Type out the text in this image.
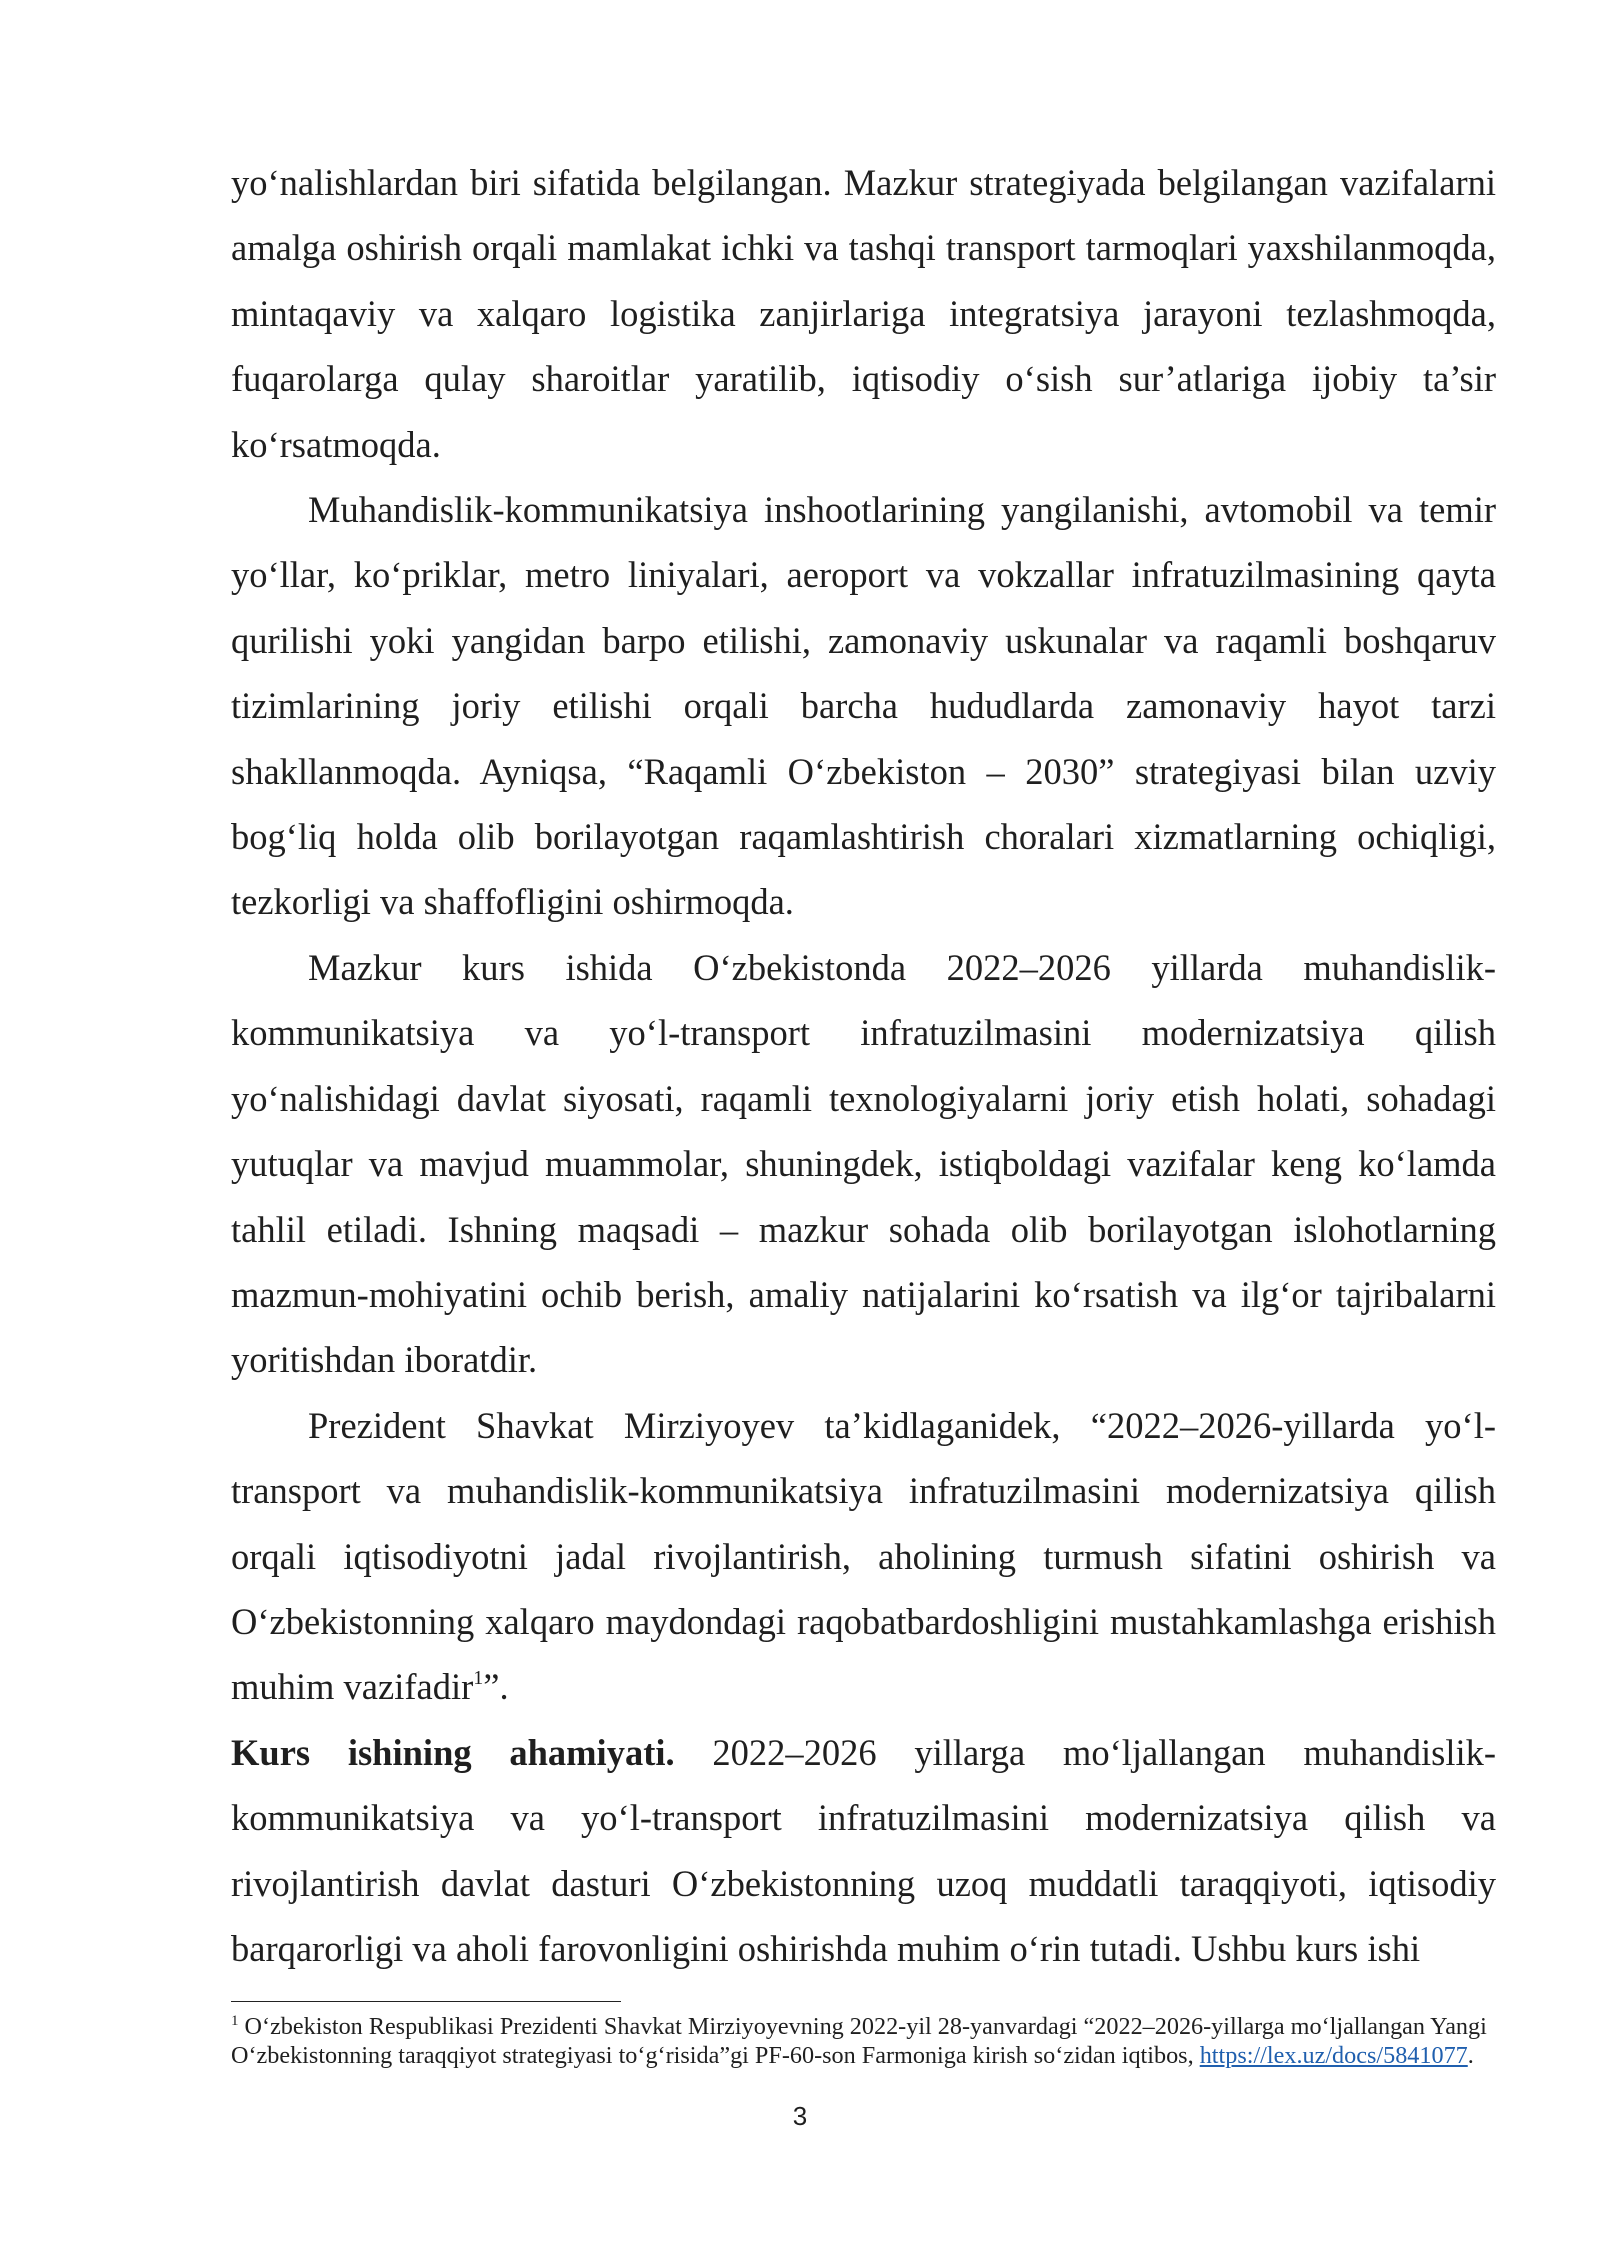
yo‘nalishlardan biri sifatida belgilangan. Mazkur strategiyada belgilangan vazifalarni amalga oshirish orqali mamlakat ichki va tashqi transport tarmoqlari yaxshilanmoqda, mintaqaviy va xalqaro logistika zanjirlariga integratsiya jarayoni tezlashmoqda, fuqarolarga qulay sharoitlar yaratilib, iqtisodiy o‘sish sur’atlariga ijobiy ta’sir ko‘rsatmoqda.

Muhandislik-kommunikatsiya inshootlarining yangilanishi, avtomobil va temir yo‘llar, ko‘priklar, metro liniyalari, aeroport va vokzallar infratuzilmasining qayta qurilishi yoki yangidan barpo etilishi, zamonaviy uskunalar va raqamli boshqaruv tizimlarining joriy etilishi orqali barcha hududlarda zamonaviy hayot tarzi shakllanmoqda. Ayniqsa, “Raqamli O‘zbekiston – 2030” strategiyasi bilan uzviy bog‘liq holda olib borilayotgan raqamlashtirish choralari xizmatlarning ochiqligi, tezkorligi va shaffofligini oshirmoqda.

Mazkur kurs ishida O‘zbekistonda 2022–2026 yillarda muhandislik-kommunikatsiya va yo‘l-transport infratuzilmasini modernizatsiya qilish yo‘nalishidagi davlat siyosati, raqamli texnologiyalarni joriy etish holati, sohadagi yutuqlar va mavjud muammolar, shuningdek, istiqboldagi vazifalar keng ko‘lamda tahlil etiladi. Ishning maqsadi – mazkur sohada olib borilayotgan islohotlarning mazmun-mohiyatini ochib berish, amaliy natijalarini ko‘rsatish va ilg‘or tajribalarni yoritishdan iboratdir.

Prezident Shavkat Mirziyoyev ta’kidlaganidek, “2022–2026-yillarda yo‘l-transport va muhandislik-kommunikatsiya infratuzilmasini modernizatsiya qilish orqali iqtisodiyotni jadal rivojlantirish, aholining turmush sifatini oshirish va O‘zbekistonning xalqaro maydondagi raqobatbardoshligini mustahkamlashga erishish muhim vazifadir$^1$”.

Kurs ishining ahamiyati. 2022–2026 yillarga mo‘ljallangan muhandislik-kommunikatsiya va yo‘l-transport infratuzilmasini modernizatsiya qilish va rivojlantirish davlat dasturi O‘zbekistonning uzoq muddatli taraqqiyoti, iqtisodiy barqarorligi va aholi farovonligini oshirishda muhim o‘rin tutadi. Ushbu kurs ishi

$^1$ O‘zbekiston Respublikasi Prezidenti Shavkat Mirziyoyevning 2022-yil 28-yanvardagi “2022–2026-yillarga mo‘ljallangan Yangi O‘zbekistonning taraqqiyot strategiyasi to‘g‘risida”gi PF-60-son Farmoniga kirish so‘zidan iqtibos, https://lex.uz/docs/5841077.
3
